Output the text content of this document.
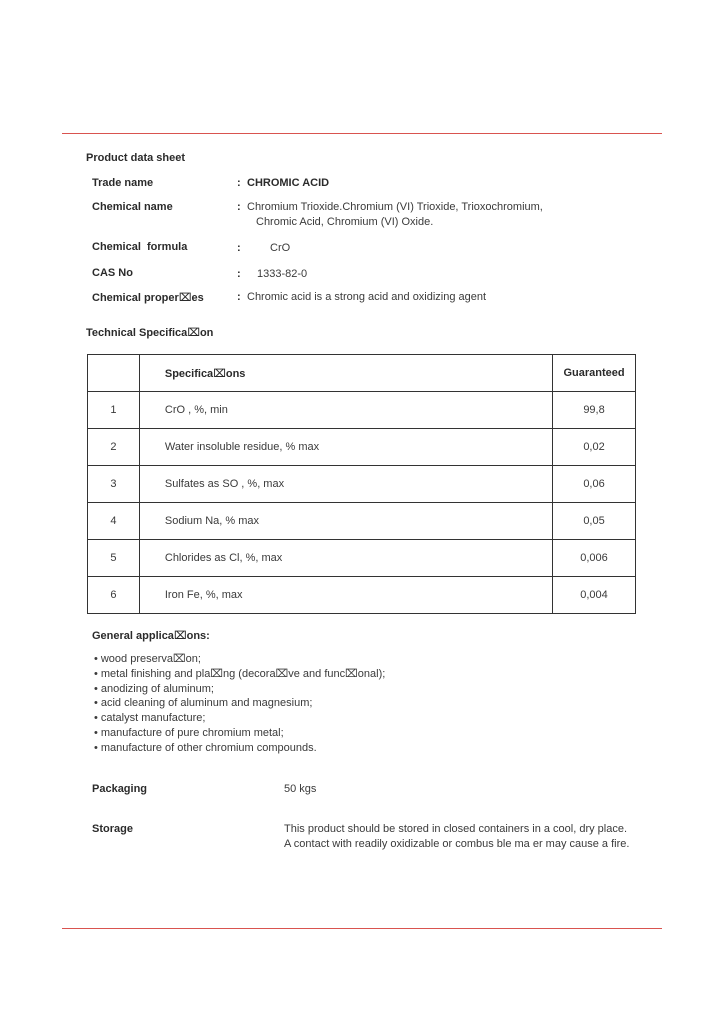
Product data sheet
Trade name	: CHROMIC ACID
Chemical name	: Chromium Trioxide.Chromium (VI) Trioxide, Trioxochromium,
Chromic Acid, Chromium (VI) Oxide.
Chemical  formula	:	CrO
CAS No	: 1333-82-0
Chemical proper⌧es	: Chromic acid is a strong acid and oxidizing agent
Technical Specifica⌧on
	Specifica⌧ons	Guaranteed
1	CrO , %, min	99,8
2	Water insoluble residue, % max	0,02
3	Sulfates as SO , %, max	0,06
4	Sodium Na, % max	0,05
5	Chlorides as Cl, %, max	0,006
6	Iron Fe, %, max	0,004
General applica⌧ons:
• wood preserva⌧on;
• metal finishing and pla⌧ng (decora⌧ve and func⌧onal);
• anodizing of aluminum;
• acid cleaning of aluminum and magnesium;
• catalyst manufacture;
• manufacture of pure chromium metal;
• manufacture of other chromium compounds.
Packaging	50 kgs
Storage	This product should be stored in closed containers in a cool, dry place.
A contact with readily oxidizable or combus ble ma er may cause a fire.
